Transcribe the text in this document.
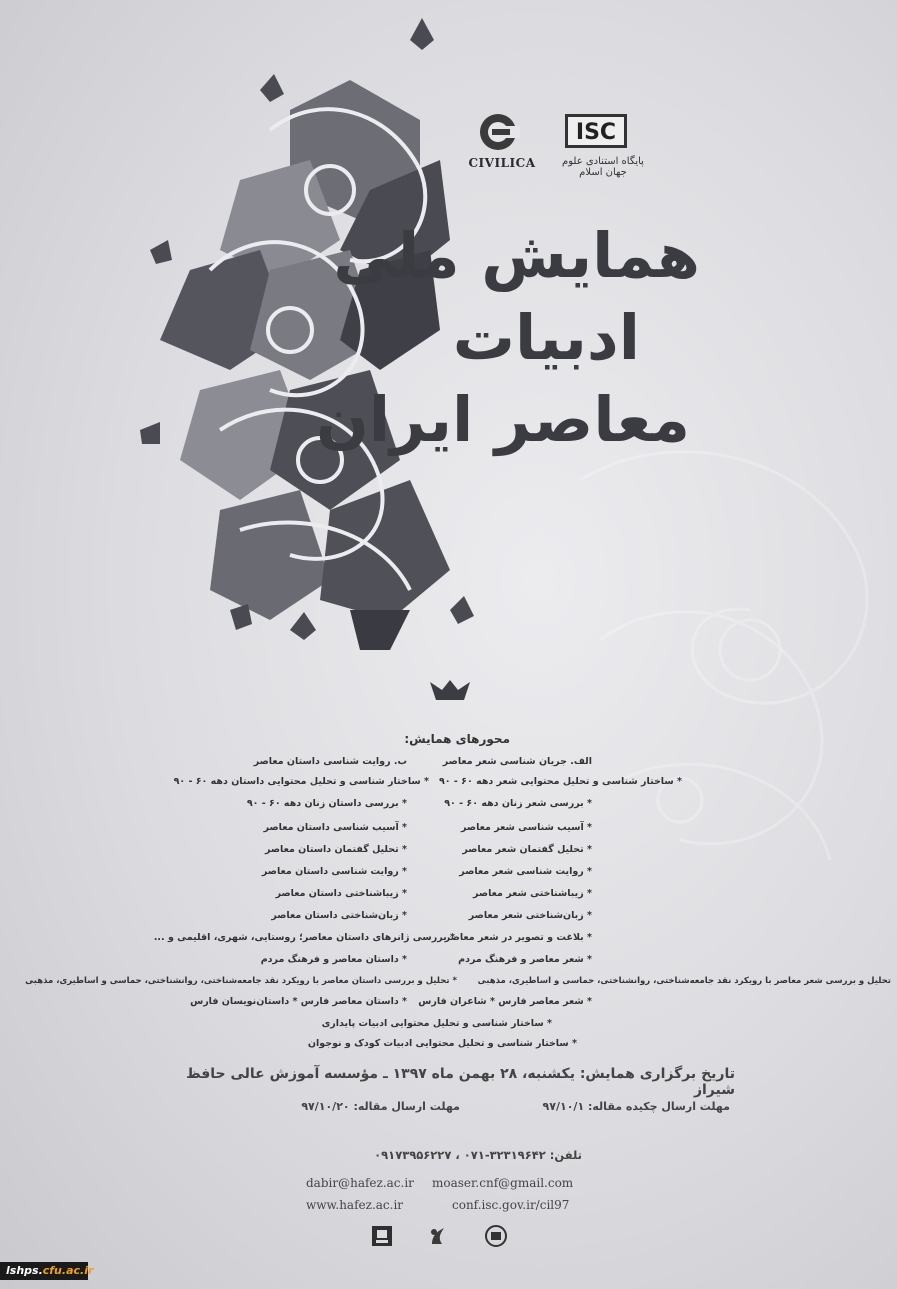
CIVILICA
ISC
پایگاه استنادی علوم جهان اسلام
همایش ملی
ادبیات
معاصر ایران
محورهای همایش:
الف. جریان شناسی شعر معاصر
ب. روایت شناسی داستان معاصر
* ساختار شناسی و تحلیل محتوایی شعر دهه ۶۰ - ۹۰
* ساختار شناسی و تحلیل محتوایی داستان دهه ۶۰ - ۹۰
* بررسی شعر زنان دهه ۶۰ - ۹۰
* بررسی داستان زنان دهه ۶۰ - ۹۰
* آسیب شناسی شعر معاصر
* آسیب شناسی داستان معاصر
* تحلیل گفتمان شعر معاصر
* تحلیل گفتمان داستان معاصر
* روایت شناسی شعر معاصر
* روایت شناسی داستان معاصر
* زیباشناختی شعر معاصر
* زیباشناختی داستان معاصر
* زبان‌شناختی شعر معاصر
* زبان‌شناختی داستان معاصر
* بلاغت و تصویر در شعر معاصر
* بررسی ژانرهای داستان معاصر؛ روستایی، شهری، اقلیمی و ...
* شعر معاصر و فرهنگ مردم
* داستان معاصر و فرهنگ مردم
تحلیل و بررسی شعر معاصر با رویکرد نقد جامعه‌شناختی، روانشناختی، حماسی و اساطیری، مذهبی
* تحلیل و بررسی داستان معاصر با رویکرد نقد جامعه‌شناختی، روانشناختی، حماسی و اساطیری، مذهبی
* شعر معاصر فارس * شاعران فارس
* داستان معاصر فارس * داستان‌نویسان فارس
* ساختار شناسی و تحلیل محتوایی ادبیات پایداری
* ساختار شناسی و تحلیل محتوایی ادبیات کودک و نوجوان
تاریخ برگزاری همایش: یکشنبه، ۲۸ بهمن ماه ۱۳۹۷ ـ مؤسسه آموزش عالی حافظ شیراز
مهلت ارسال چکیده مقاله: ۹۷/۱۰/۱
مهلت ارسال مقاله: ۹۷/۱۰/۲۰
تلفن: ۳۲۳۱۹۶۴۲-۰۷۱ ، ۰۹۱۷۳۹۵۶۲۲۷
moaser.cnf@gmail.com
dabir@hafez.ac.ir
conf.isc.gov.ir/cil97
www.hafez.ac.ir
lshps.cfu.ac.ir
